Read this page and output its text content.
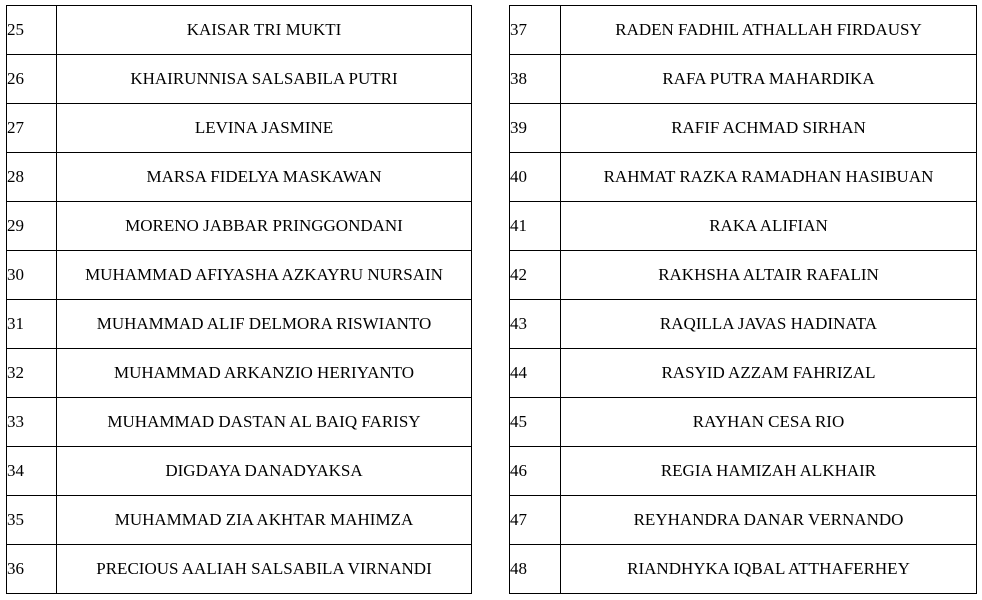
25	KAISAR TRI MUKTI
26	KHAIRUNNISA SALSABILA PUTRI
27	LEVINA JASMINE
28	MARSA FIDELYA MASKAWAN
29	MORENO JABBAR PRINGGONDANI
30	MUHAMMAD AFIYASHA AZKAYRU NURSAIN
31	MUHAMMAD ALIF DELMORA RISWIANTO
32	MUHAMMAD ARKANZIO HERIYANTO
33	MUHAMMAD DASTAN AL BAIQ FARISY
34	DIGDAYA DANADYAKSA
35	MUHAMMAD ZIA AKHTAR MAHIMZA
36	PRECIOUS AALIAH SALSABILA VIRNANDI
37	RADEN FADHIL ATHALLAH FIRDAUSY
38	RAFA PUTRA MAHARDIKA
39	RAFIF ACHMAD SIRHAN
40	RAHMAT RAZKA RAMADHAN HASIBUAN
41	RAKA ALIFIAN
42	RAKHSHA ALTAIR RAFALIN
43	RAQILLA JAVAS HADINATA
44	RASYID AZZAM FAHRIZAL
45	RAYHAN CESA RIO
46	REGIA HAMIZAH ALKHAIR
47	REYHANDRA DANAR VERNANDO
48	RIANDHYKA IQBAL ATTHAFERHEY
